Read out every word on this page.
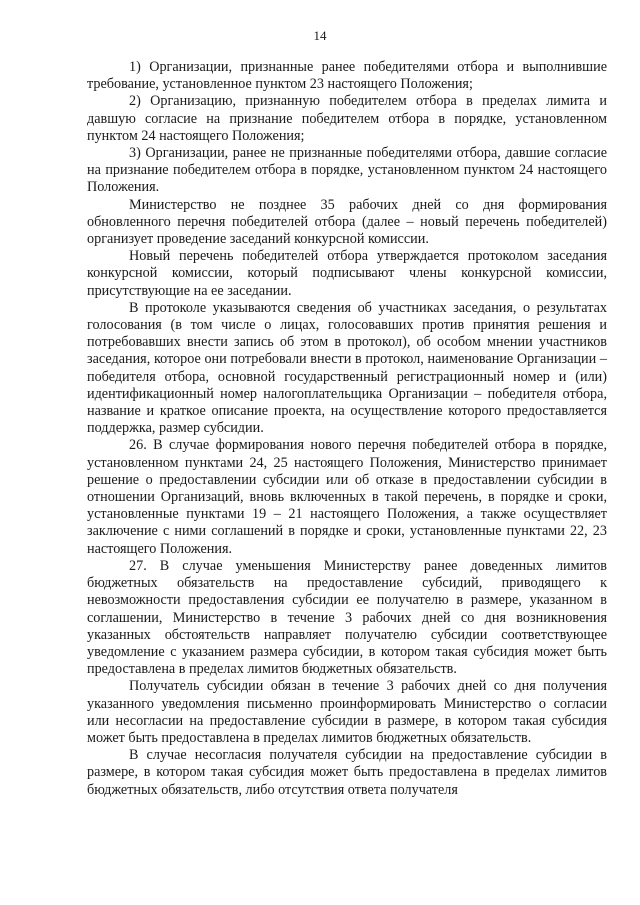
14

1) Организации, признанные ранее победителями отбора и выполнившие требование, установленное пунктом 23 настоящего Положения;

2) Организацию, признанную победителем отбора в пределах лимита и давшую согласие на признание победителем отбора в порядке, установленном пунктом 24 настоящего Положения;

3) Организации, ранее не признанные победителями отбора, давшие согласие на признание победителем отбора в порядке, установленном пунктом 24 настоящего Положения.

Министерство не позднее 35 рабочих дней со дня формирования обновленного перечня победителей отбора (далее – новый перечень победителей) организует проведение заседаний конкурсной комиссии.

Новый перечень победителей отбора утверждается протоколом заседания конкурсной комиссии, который подписывают члены конкурсной комиссии, присутствующие на ее заседании.

В протоколе указываются сведения об участниках заседания, о результатах голосования (в том числе о лицах, голосовавших против принятия решения и потребовавших внести запись об этом в протокол), об особом мнении участников заседания, которое они потребовали внести в протокол, наименование Организации – победителя отбора, основной государственный регистрационный номер и (или) идентификационный номер налогоплательщика Организации – победителя отбора, название и краткое описание проекта, на осуществление которого предоставляется поддержка, размер субсидии.

26. В случае формирования нового перечня победителей отбора в порядке, установленном пунктами 24, 25 настоящего Положения, Министерство принимает решение о предоставлении субсидии или об отказе в предоставлении субсидии в отношении Организаций, вновь включенных в такой перечень, в порядке и сроки, установленные пунктами 19 – 21 настоящего Положения, а также осуществляет заключение с ними соглашений в порядке и сроки, установленные пунктами 22, 23 настоящего Положения.

27. В случае уменьшения Министерству ранее доведенных лимитов бюджетных обязательств на предоставление субсидий, приводящего к невозможности предоставления субсидии ее получателю в размере, указанном в соглашении, Министерство в течение 3 рабочих дней со дня возникновения указанных обстоятельств направляет получателю субсидии соответствующее уведомление с указанием размера субсидии, в котором такая субсидия может быть предоставлена в пределах лимитов бюджетных обязательств.

Получатель субсидии обязан в течение 3 рабочих дней со дня получения указанного уведомления письменно проинформировать Министерство о согласии или несогласии на предоставление субсидии в размере, в котором такая субсидия может быть предоставлена в пределах лимитов бюджетных обязательств.

В случае несогласия получателя субсидии на предоставление субсидии в размере, в котором такая субсидия может быть предоставлена в пределах лимитов бюджетных обязательств, либо отсутствия ответа получателя
